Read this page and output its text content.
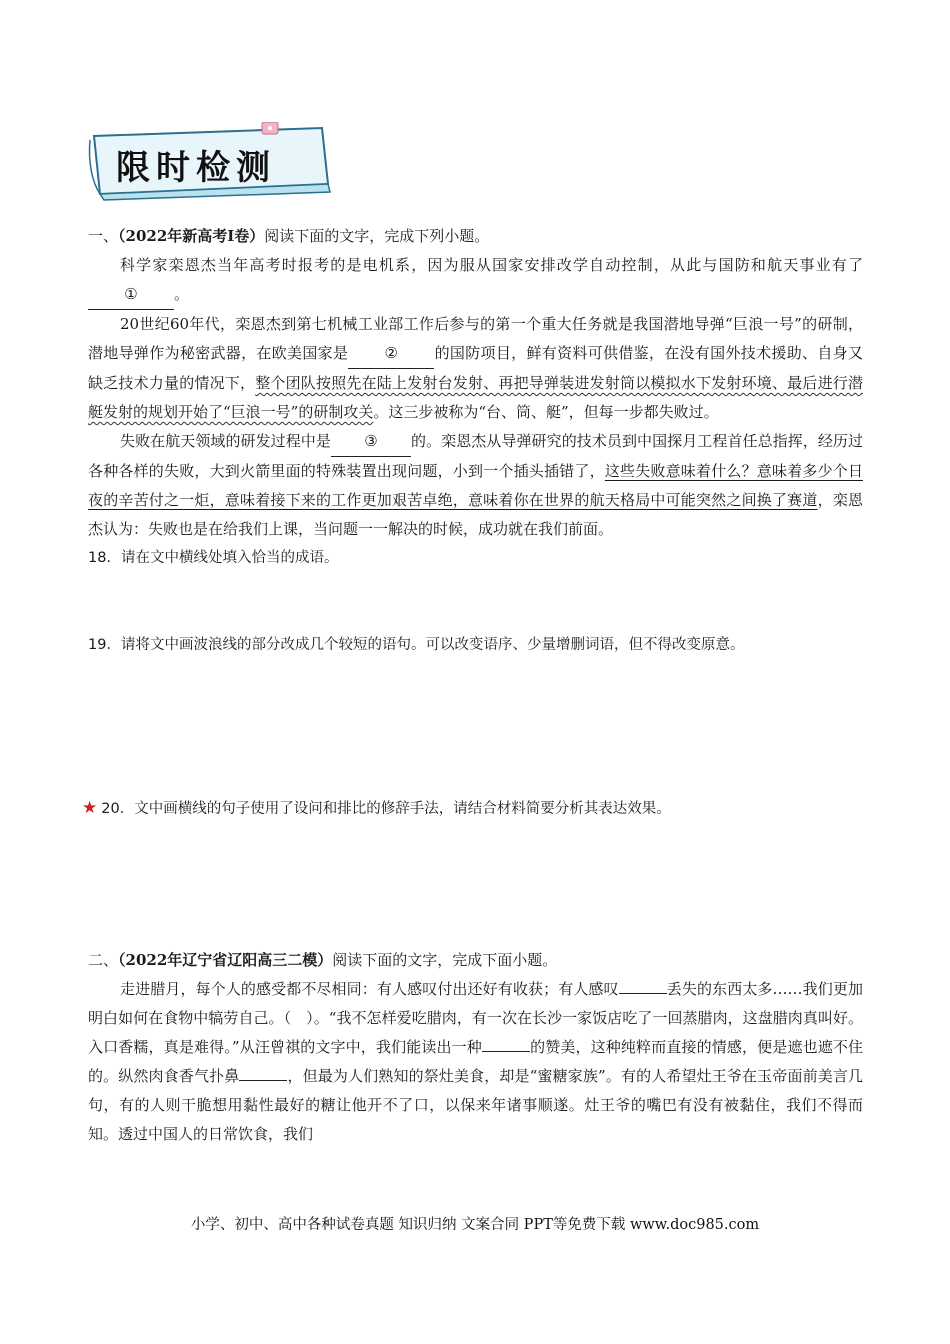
限时检测

一、（2022年新高考Ⅰ卷）阅读下面的文字，完成下列小题。

科学家栾恩杰当年高考时报考的是电机系，因为服从国家安排改学自动控制，从此与国防和航天事业有了① 。

20世纪60年代，栾恩杰到第七机械工业部工作后参与的第一个重大任务就是我国潜地导弹“巨浪一号”的研制，潜地导弹作为秘密武器，在欧美国家是 ② 的国防项目，鲜有资料可供借鉴，在没有国外技术援助、自身又缺乏技术力量的情况下，整个团队按照先在陆上发射台发射、再把导弹装进发射筒以模拟水下发射环境、最后进行潜艇发射的规划开始了“巨浪一号”的研制攻关。这三步被称为“台、筒、艇”，但每一步都失败过。

失败在航天领域的研发过程中是 ③ 的。栾恩杰从导弹研究的技术员到中国探月工程首任总指挥，经历过各种各样的失败，大到火箭里面的特殊装置出现问题，小到一个插头插错了，这些失败意味着什么？意味着多少个日夜的辛苦付之一炬，意味着接下来的工作更加艰苦卓绝，意味着你在世界的航天格局中可能突然之间换了赛道，栾恩杰认为：失败也是在给我们上课，当问题一一解决的时候，成功就在我们前面。

18．请在文中横线处填入恰当的成语。

19．请将文中画波浪线的部分改成几个较短的语句。可以改变语序、少量增删词语，但不得改变原意。

★ 20．文中画横线的句子使用了设问和排比的修辞手法，请结合材料简要分析其表达效果。

二、（2022年辽宁省辽阳高三二模）阅读下面的文字，完成下面小题。

走进腊月，每个人的感受都不尽相同：有人感叹付出还好有收获；有人感叹	丢失的东西太多……我们更加明白如何在食物中犒劳自己。（　）。“我不怎样爱吃腊肉，有一次在长沙一家饭店吃了一回蒸腊肉，这盘腊肉真叫好。入口香糯，真是难得。”从汪曾祺的文字中，我们能读出一种	的赞美，这种纯粹而直接的情感，便是遮也遮不住的。纵然肉食香气扑鼻	，但最为人们熟知的祭灶美食，却是“蜜糖家族”。有的人希望灶王爷在玉帝面前美言几句，有的人则干脆想用黏性最好的糖让他开不了口，以保来年诸事顺遂。灶王爷的嘴巴有没有被黏住，我们不得而知。透过中国人的日常饮食，我们

小学、初中、高中各种试卷真题 知识归纳 文案合同 PPT等免费下载 www.doc985.com
